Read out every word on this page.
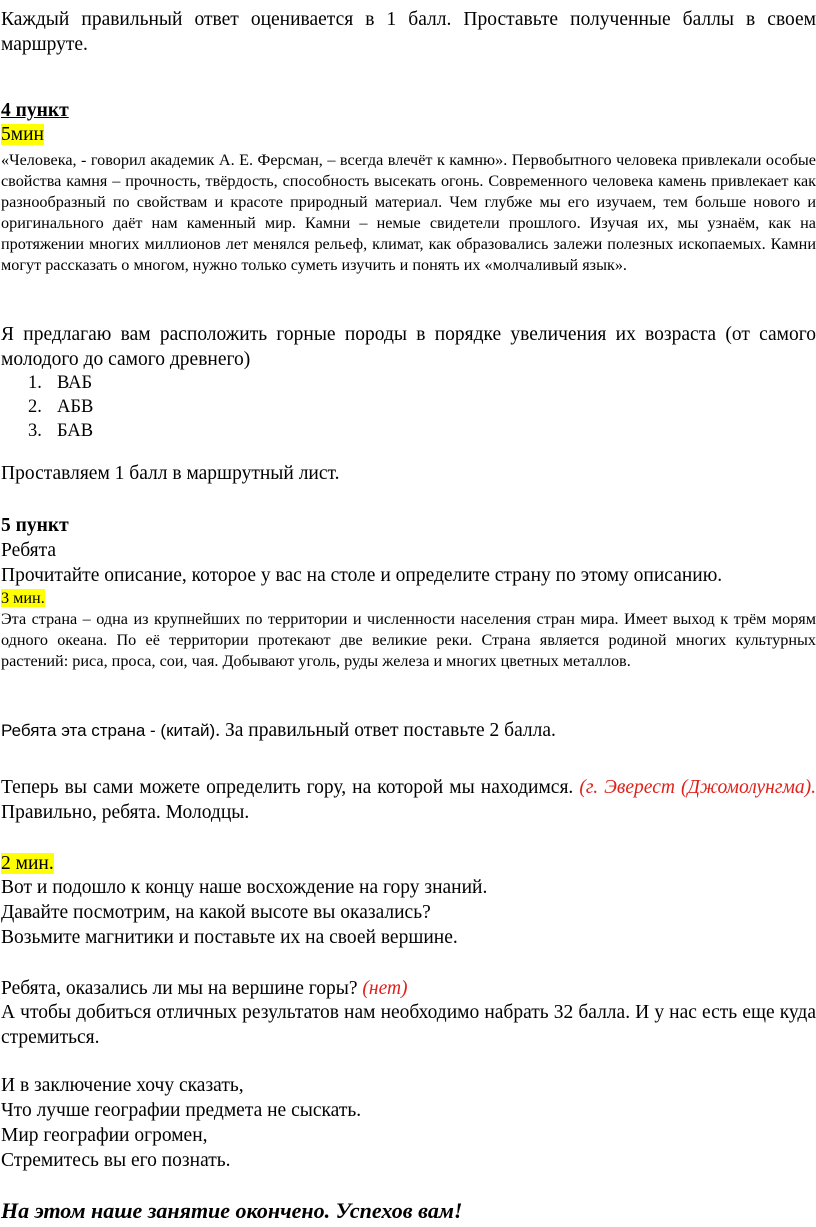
Каждый правильный ответ оценивается в 1 балл. Проставьте полученные баллы в своем маршруте.

4 пункт
5мин

«Человека, - говорил академик А. Е. Ферсман, – всегда влечёт к камню». Первобытного человека привлекали особые свойства камня – прочность, твёрдость, способность высекать огонь. Современного человека камень привлекает как разнообразный по свойствам и красоте природный материал. Чем глубже мы его изучаем, тем больше нового и оригинального даёт нам каменный мир. Камни – немые свидетели прошлого. Изучая их, мы узнаём, как на протяжении многих миллионов лет менялся рельеф, климат, как образовались залежи полезных ископаемых. Камни могут рассказать о многом, нужно только суметь изучить и понять их «молчаливый язык».

Я предлагаю вам расположить горные породы в порядке увеличения их возраста (от самого молодого до самого древнего)

1. ВАБ
2. АБВ
3. БАВ

Проставляем 1 балл в маршрутный лист.

5 пункт
Ребята
Прочитайте описание, которое у вас на столе и определите страну по этому описанию.
3 мин.

Эта страна – одна из крупнейших по территории и численности населения стран мира. Имеет выход к трём морям одного океана. По её территории протекают две великие реки. Страна является родиной многих культурных растений: риса, проса, сои, чая. Добывают уголь, руды железа и многих цветных металлов.

Ребята эта страна - (китай). За правильный ответ поставьте 2 балла.

Теперь вы сами можете определить гору, на которой мы находимся. (г. Эверест (Джомолунгма). Правильно, ребята. Молодцы.

2 мин.
Вот и подошло к концу наше восхождение на гору знаний.
Давайте посмотрим, на какой высоте вы оказались?
Возьмите магнитики и поставьте их на своей вершине.
Ребята, оказались ли мы на вершине горы? (нет)

А чтобы добиться отличных результатов нам необходимо набрать 32 балла. И у нас есть еще куда стремиться.

И в заключение хочу сказать,
Что лучше географии предмета не сыскать.
Мир географии огромен,
Стремитесь вы его познать.
На этом наше занятие окончено. Успехов вам!
